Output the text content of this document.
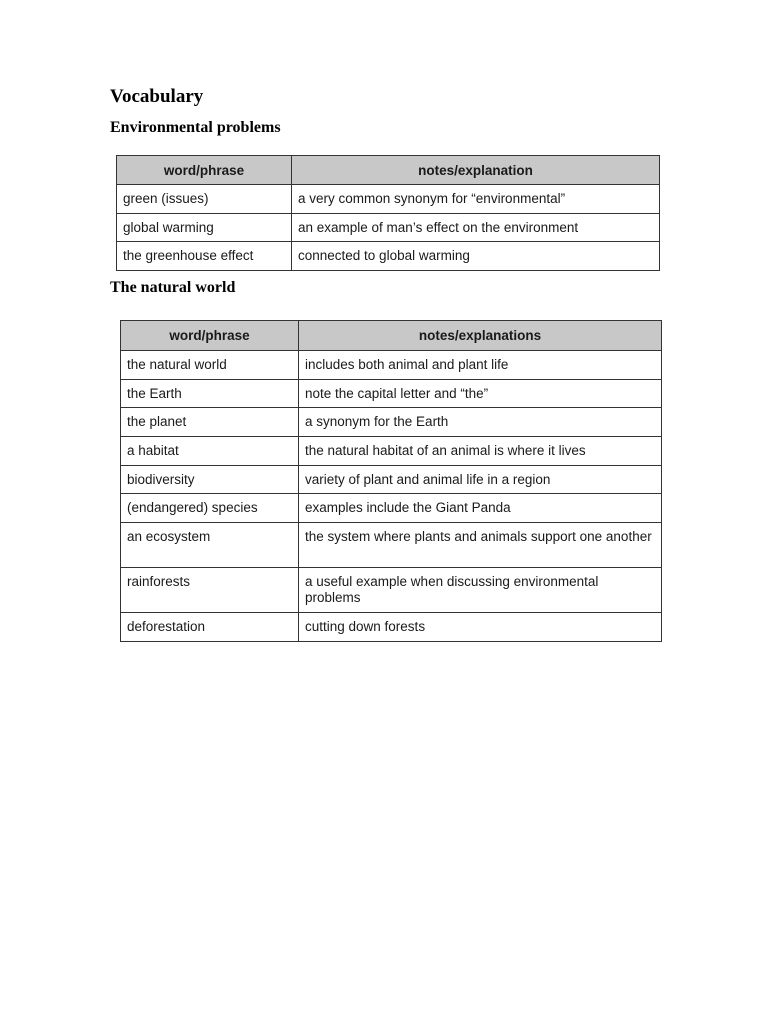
Vocabulary
Environmental problems
word/phrase	notes/explanation
green (issues)	a very common synonym for “environmental”
global warming	an example of man’s effect on the environment
the greenhouse effect	connected to global warming
The natural world
word/phrase	notes/explanations
the natural world	includes both animal and plant life
the Earth	note the capital letter and “the”
the planet	a synonym for the Earth
a habitat	the natural habitat of an animal is where it lives
biodiversity	variety of plant and animal life in a region
(endangered) species	examples include the Giant Panda
an ecosystem	the system where plants and animals support one another
rainforests	a useful example when discussing environmental problems
deforestation	cutting down forests
